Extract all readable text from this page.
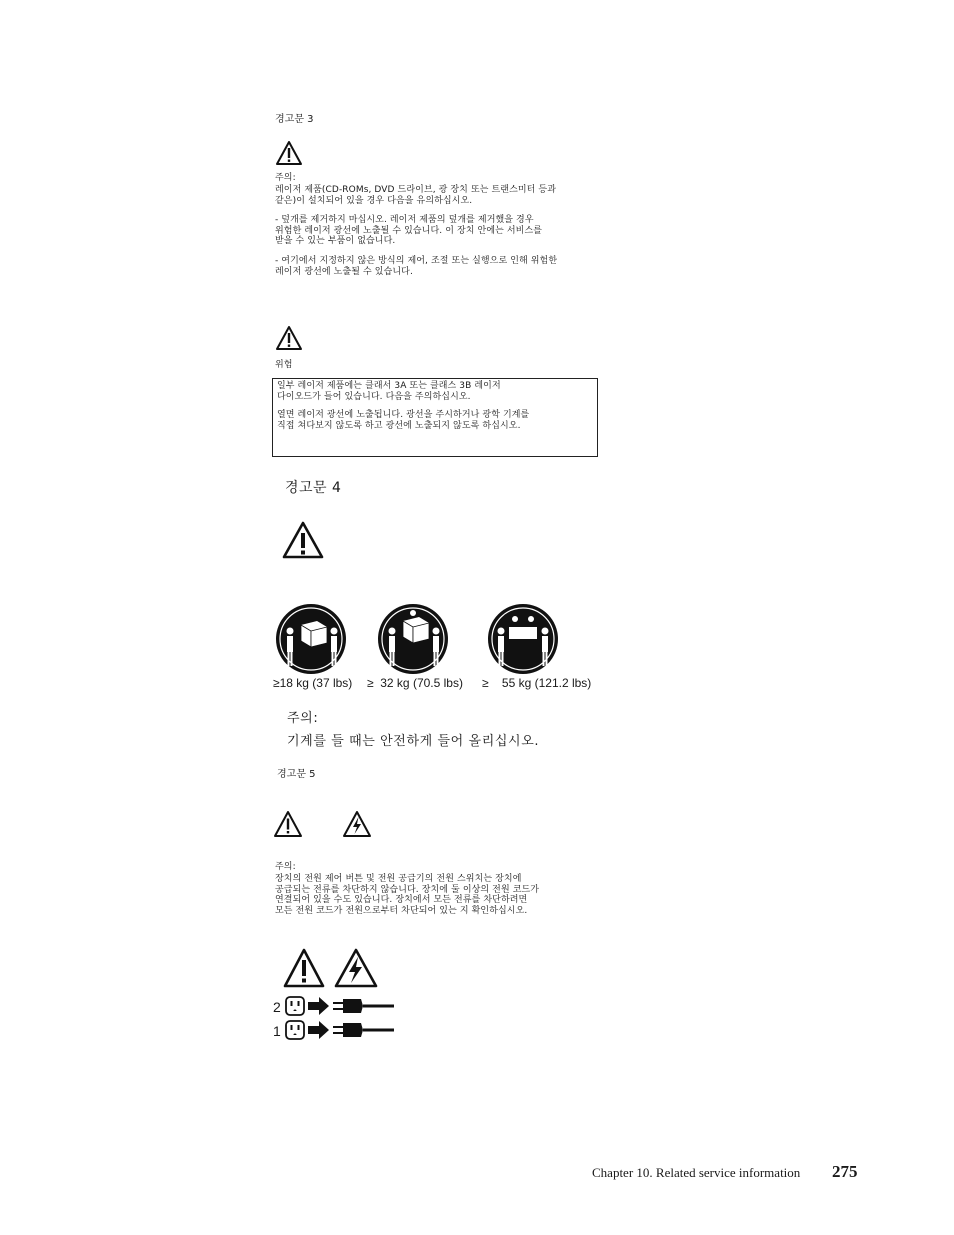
경고문 3
주의:
레이저 제품(CD-ROMs, DVD 드라이브, 광 장치 또는 트랜스미터 등과
같은)이 설치되어 있을 경우 다음을 유의하십시오.
- 덮개를 제거하지 마십시오. 레이저 제품의 덮개를 제거했을 경우
위험한 레이저 광선에 노출될 수 있습니다. 이 장치 안에는 서비스를
받을 수 있는 부품이 없습니다.
- 여기에서 지정하지 않은 방식의 제어, 조절 또는 실행으로 인해 위험한
레이저 광선에 노출될 수 있습니다.
위험
일부 레이저 제품에는 클래서 3A 또는 클래스 3B 레이저
다이오드가 들어 있습니다. 다음을 주의하십시오.
열면 레이저 광선에 노출됩니다. 광선을 주시하거나 광학 기계를
직접 쳐다보지 않도록 하고 광선에 노출되지 않도록 하십시오.
경고문 4
≥18 kg (37 lbs) ≥  32 kg (70.5 lbs) ≥    55 kg (121.2 lbs)
주의:
기계를 들 때는 안전하게 들어 올리십시오.
경고문 5
주의:
장치의 전원 제어 버튼 및 전원 공급기의 전원 스위치는 장치에
공급되는 전류를 차단하지 않습니다. 장치에 둘 이상의 전원 코드가
연결되어 있을 수도 있습니다. 장치에서 모든 전류를 차단하려면
모든 전원 코드가 전원으로부터 차단되어 있는 지 확인하십시오.
2
1
Chapter 10. Related service information 275
